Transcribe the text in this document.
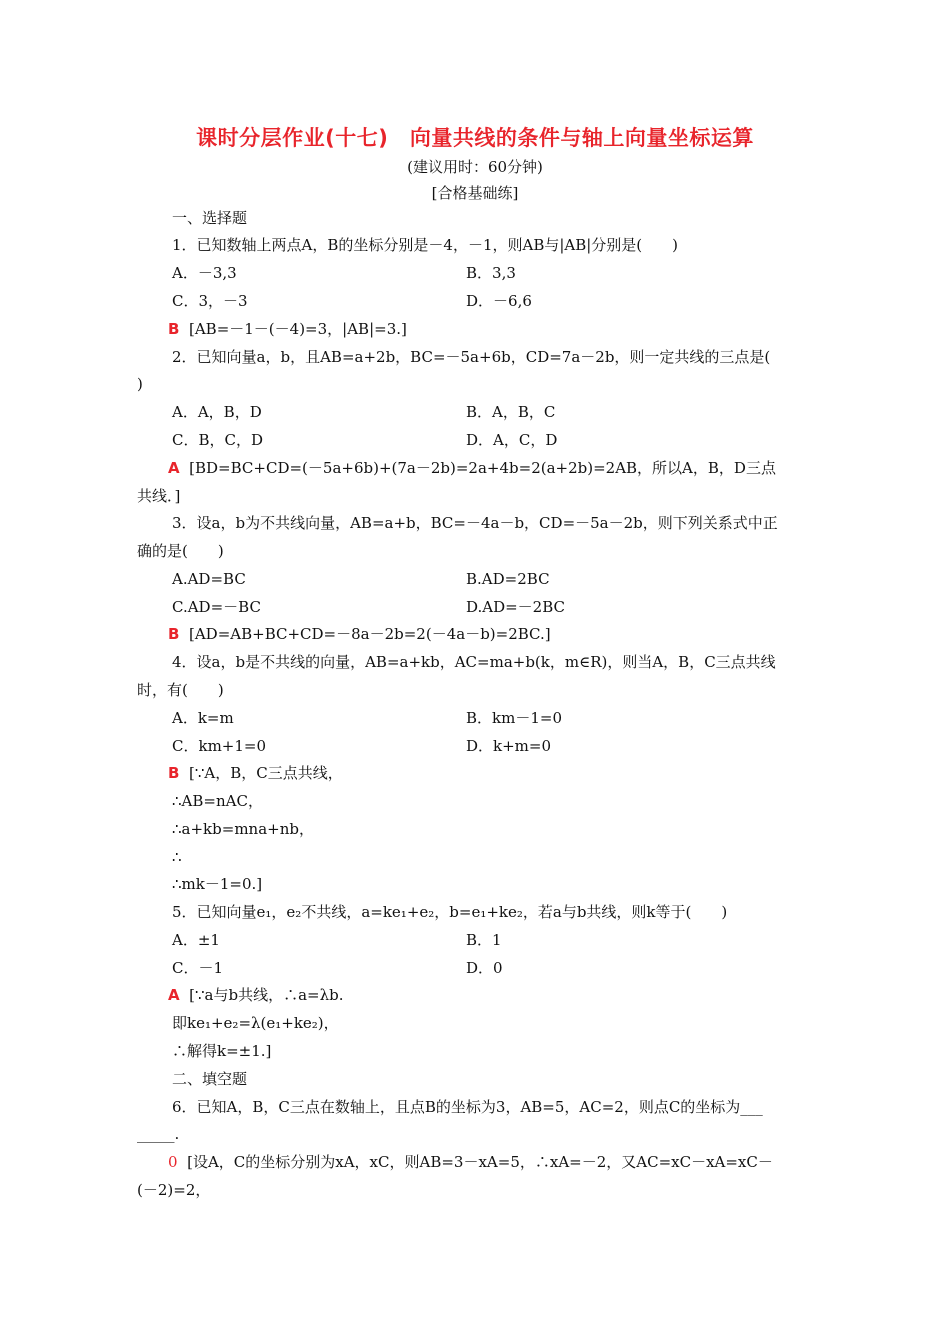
课时分层作业(十七)　向量共线的条件与轴上向量坐标运算
(建议用时：60分钟)
[合格基础练]
一、选择题
1．已知数轴上两点A，B的坐标分别是－4，－1，则AB与|AB|分别是(　　)
A．－3,3	B．3,3
C．3，－3	D．－6,6
B [AB=－1－(－4)=3，|AB|=3.]
2．已知向量a，b，且AB=a+2b，BC=－5a+6b，CD=7a－2b，则一定共线的三点是(
)
A．A，B，D	B．A，B，C
C．B，C，D	D．A，C，D
A [BD=BC+CD=(－5a+6b)+(7a－2b)=2a+4b=2(a+2b)=2AB，所以A，B，D三点
共线．]
3．设a，b为不共线向量，AB=a+b，BC=－4a－b，CD=－5a－2b，则下列关系式中正
确的是(　　)
A.AD=BC	B.AD=2BC
C.AD=－BC	D.AD=－2BC
B [AD=AB+BC+CD=－8a－2b=2(－4a－b)=2BC.]
4．设a，b是不共线的向量，AB=a+kb，AC=ma+b(k，m∈R)，则当A，B，C三点共线
时，有(　　)
A．k=m	B．km－1=0
C．km+1=0	D．k+m=0
B [∵A，B，C三点共线，
∴AB=nAC，
∴a+kb=mna+nb，
∴
∴mk－1=0.]
5．已知向量e₁，e₂不共线，a=ke₁+e₂，b=e₁+ke₂，若a与b共线，则k等于(　　)
A．±1	B．1
C．－1	D．0
A [∵a与b共线，∴a=λb.
即ke₁+e₂=λ(e₁+ke₂)，
∴解得k=±1.]
二、填空题
6．已知A，B，C三点在数轴上，且点B的坐标为3，AB=5，AC=2，则点C的坐标为___
_____.
0 [设A，C的坐标分别为xA，xC，则AB=3－xA=5，∴xA=－2，又AC=xC－xA=xC－
(－2)=2，
